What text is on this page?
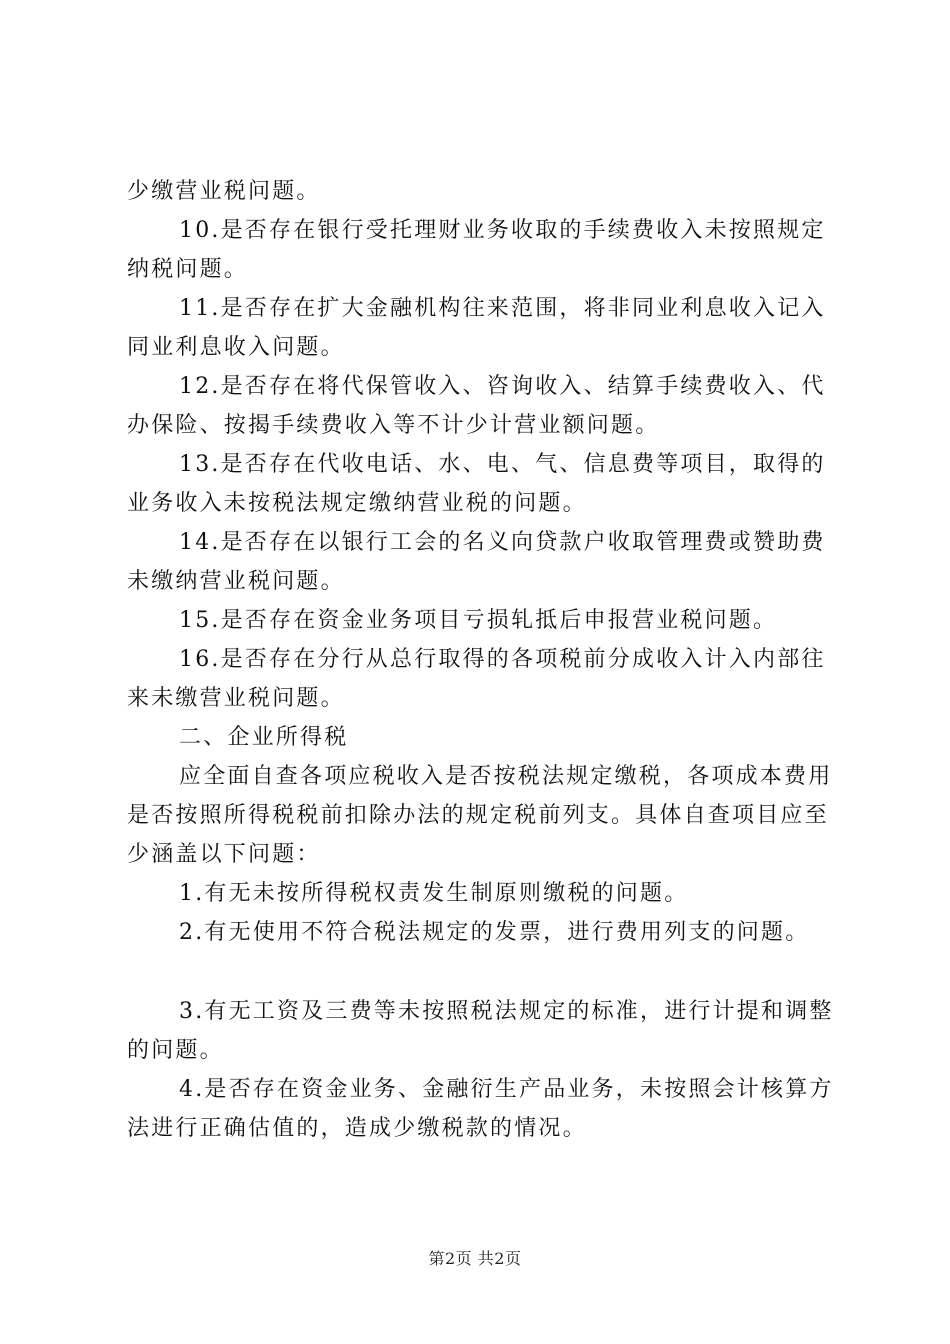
少缴营业税问题。

10.是否存在银行受托理财业务收取的手续费收入未按照规定纳税问题。

11.是否存在扩大金融机构往来范围，将非同业利息收入记入同业利息收入问题。

12.是否存在将代保管收入、咨询收入、结算手续费收入、代办保险、按揭手续费收入等不计少计营业额问题。

13.是否存在代收电话、水、电、气、信息费等项目，取得的业务收入未按税法规定缴纳营业税的问题。

14.是否存在以银行工会的名义向贷款户收取管理费或赞助费未缴纳营业税问题。

15.是否存在资金业务项目亏损轧抵后申报营业税问题。

16.是否存在分行从总行取得的各项税前分成收入计入内部往来未缴营业税问题。

二、企业所得税

应全面自查各项应税收入是否按税法规定缴税，各项成本费用是否按照所得税税前扣除办法的规定税前列支。具体自查项目应至少涵盖以下问题：

1.有无未按所得税权责发生制原则缴税的问题。

2.有无使用不符合税法规定的发票，进行费用列支的问题。

3.有无工资及三费等未按照税法规定的标准，进行计提和调整的问题。

4.是否存在资金业务、金融衍生产品业务，未按照会计核算方法进行正确估值的，造成少缴税款的情况。

第2页 共2页
